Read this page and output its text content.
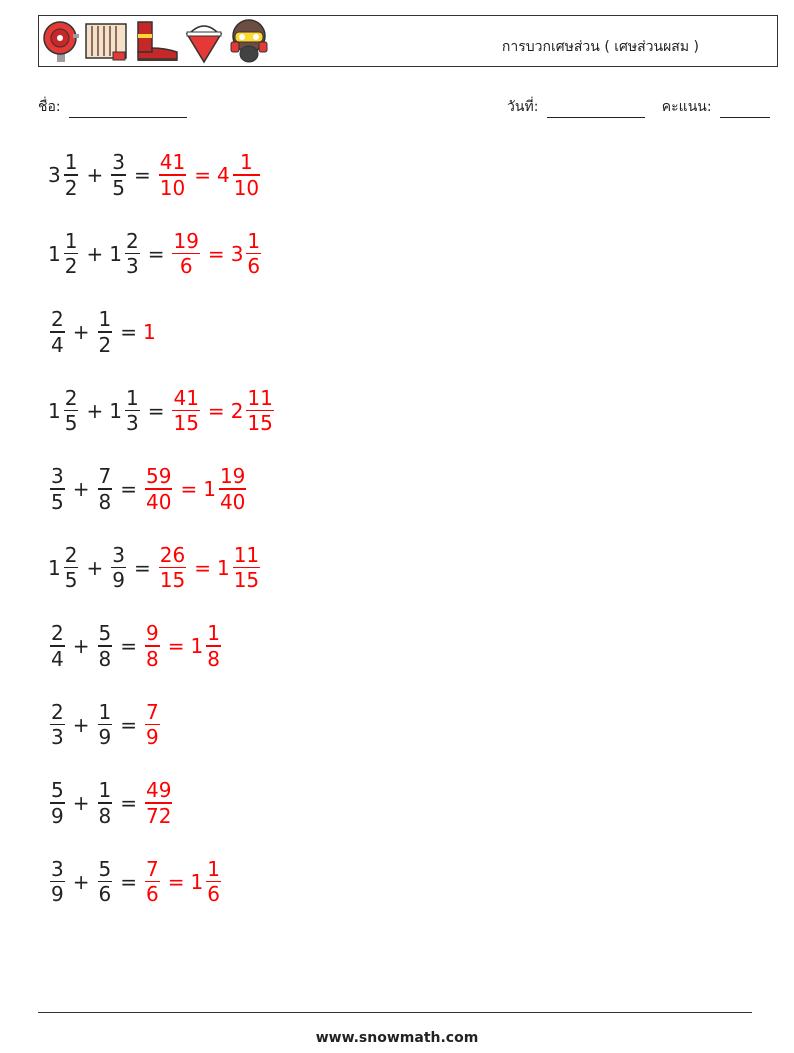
การบวกเศษส่วน ( เศษส่วนผสม )
ชื่อ:	วันที่:	คะแนน:
$3 \frac{1}{2} + \frac{3}{5} = \frac{41}{10} = 4 \frac{1}{10}$
$1 \frac{1}{2} + 1 \frac{2}{3} = \frac{19}{6} = 3 \frac{1}{6}$
$\frac{2}{4} + \frac{1}{2} = 1$
$1 \frac{2}{5} + 1 \frac{1}{3} = \frac{41}{15} = 2 \frac{11}{15}$
$\frac{3}{5} + \frac{7}{8} = \frac{59}{40} = 1 \frac{19}{40}$
$1 \frac{2}{5} + \frac{3}{9} = \frac{26}{15} = 1 \frac{11}{15}$
$\frac{2}{4} + \frac{5}{8} = \frac{9}{8} = 1 \frac{1}{8}$
$\frac{2}{3} + \frac{1}{9} = \frac{7}{9}$
$\frac{5}{9} + \frac{1}{8} = \frac{49}{72}$
$\frac{3}{9} + \frac{5}{6} = \frac{7}{6} = 1 \frac{1}{6}$
www.snowmath.com
